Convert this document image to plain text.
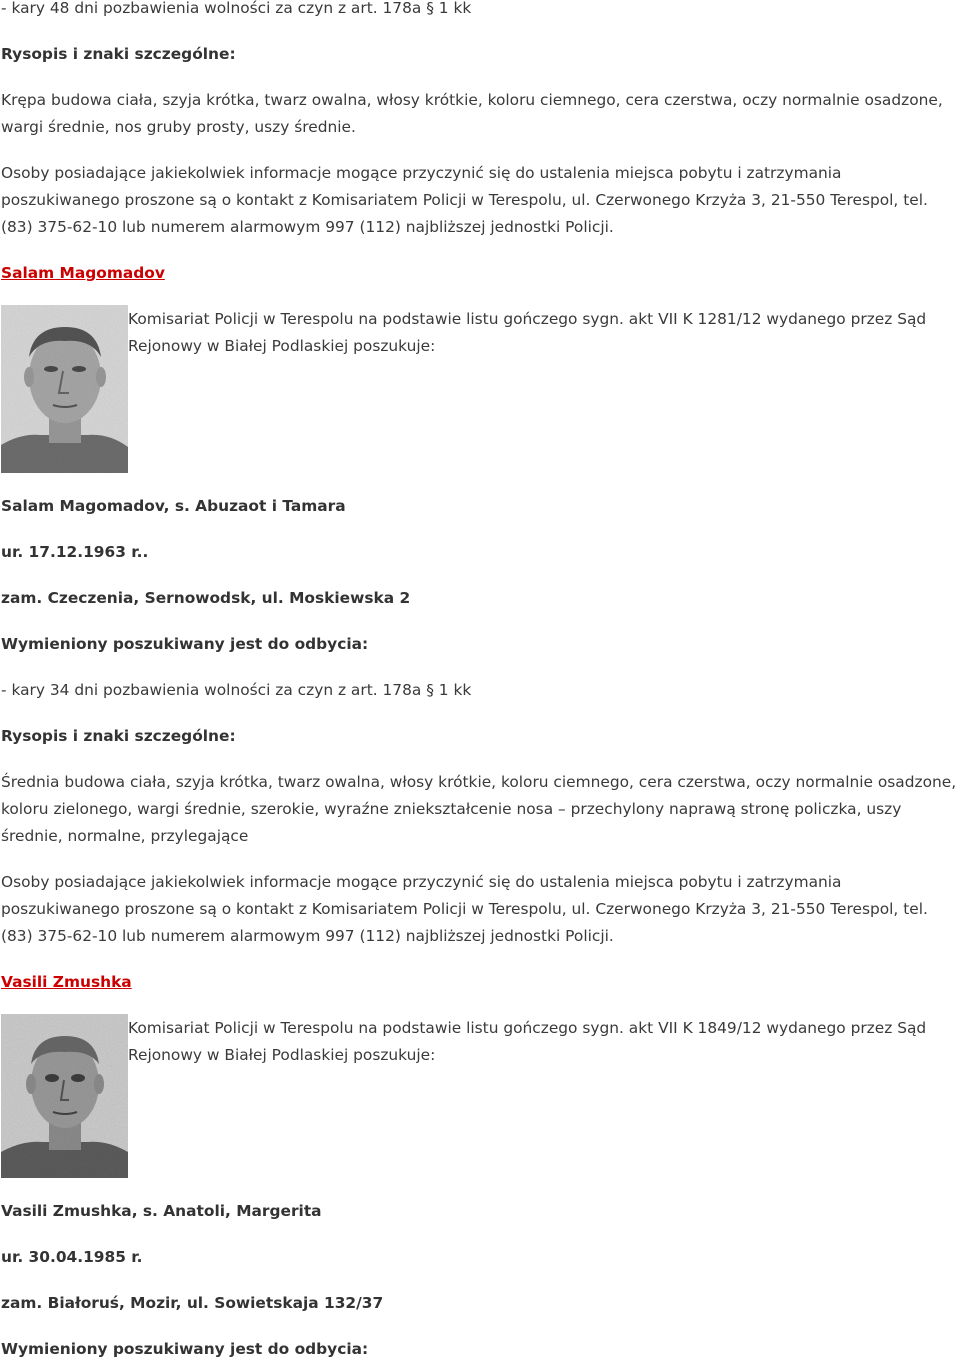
- kary 48 dni pozbawienia wolności za czyn z art. 178a § 1 kk
Rysopis i znaki szczególne:
Krępa budowa ciała, szyja krótka, twarz owalna, włosy krótkie, koloru ciemnego, cera czerstwa, oczy normalnie osadzone, wargi średnie, nos gruby prosty, uszy średnie.
Osoby posiadające jakiekolwiek informacje mogące przyczynić się do ustalenia miejsca pobytu i zatrzymania poszukiwanego proszone są o kontakt z Komisariatem Policji w Terespolu, ul. Czerwonego Krzyża 3, 21-550 Terespol, tel. (83) 375-62-10 lub numerem alarmowym 997 (112) najbliższej jednostki Policji.
Salam Magomadov
Komisariat Policji w Terespolu na podstawie listu gończego sygn. akt VII K 1281/12 wydanego przez Sąd Rejonowy w Białej Podlaskiej poszukuje:
Salam Magomadov, s. Abuzaot i Tamara
ur. 17.12.1963 r..
zam. Czeczenia, Sernowodsk, ul. Moskiewska 2
Wymieniony poszukiwany jest do odbycia:
- kary 34 dni pozbawienia wolności za czyn z art. 178a § 1 kk
Rysopis i znaki szczególne:
Średnia budowa ciała, szyja krótka, twarz owalna, włosy krótkie, koloru ciemnego, cera czerstwa, oczy normalnie osadzone, koloru zielonego, wargi średnie, szerokie, wyraźne zniekształcenie nosa – przechylony naprawą stronę policzka, uszy średnie, normalne, przylegające
Osoby posiadające jakiekolwiek informacje mogące przyczynić się do ustalenia miejsca pobytu i zatrzymania poszukiwanego proszone są o kontakt z Komisariatem Policji w Terespolu, ul. Czerwonego Krzyża 3, 21-550 Terespol, tel. (83) 375-62-10 lub numerem alarmowym 997 (112) najbliższej jednostki Policji.
Vasili Zmushka
Komisariat Policji w Terespolu na podstawie listu gończego sygn. akt VII K 1849/12 wydanego przez Sąd Rejonowy w Białej Podlaskiej poszukuje:
Vasili Zmushka, s. Anatoli, Margerita
ur. 30.04.1985 r.
zam. Białoruś, Mozir, ul. Sowietskaja 132/37
Wymieniony poszukiwany jest do odbycia:
